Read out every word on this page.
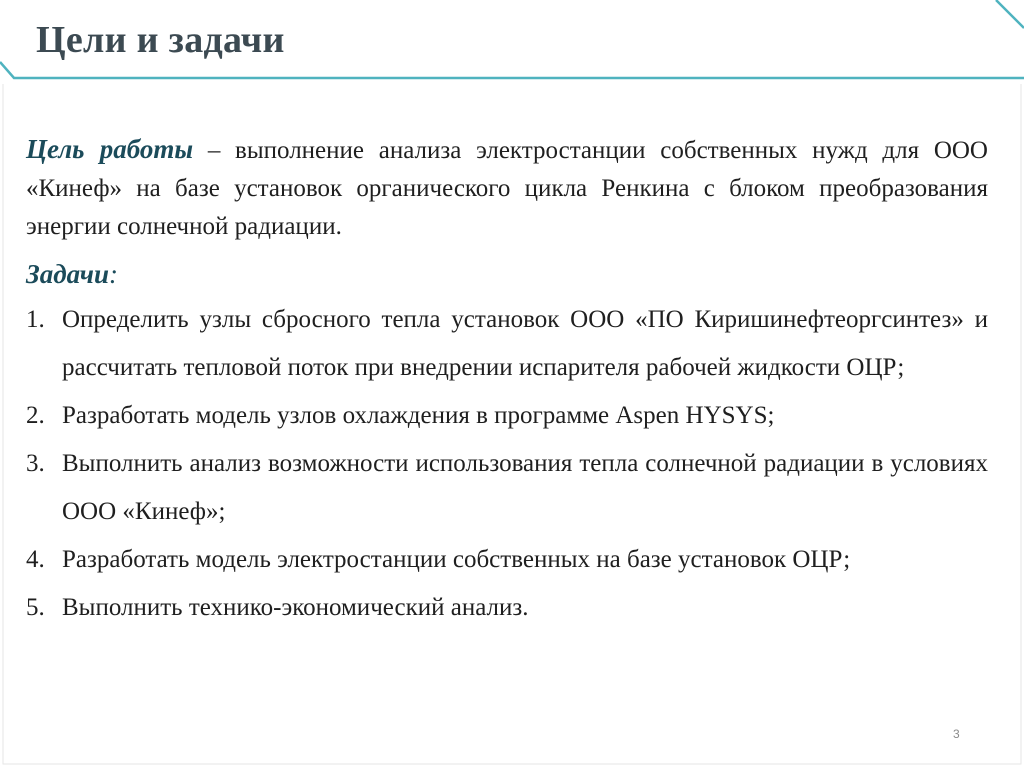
Цели и задачи

Цель работы – выполнение анализа электростанции собственных нужд для ООО «Кинеф» на базе установок органического цикла Ренкина с блоком преобразования энергии солнечной радиации.

Задачи:
1. Определить узлы сбросного тепла установок ООО «ПО Киришинефтеоргсинтез» и рассчитать тепловой поток при внедрении испарителя рабочей жидкости ОЦР;
2. Разработать модель узлов охлаждения в программе Aspen HYSYS;
3. Выполнить анализ возможности использования тепла солнечной радиации в условиях ООО «Кинеф»;
4. Разработать модель электростанции собственных на базе установок ОЦР;
5. Выполнить технико-экономический анализ.
3
